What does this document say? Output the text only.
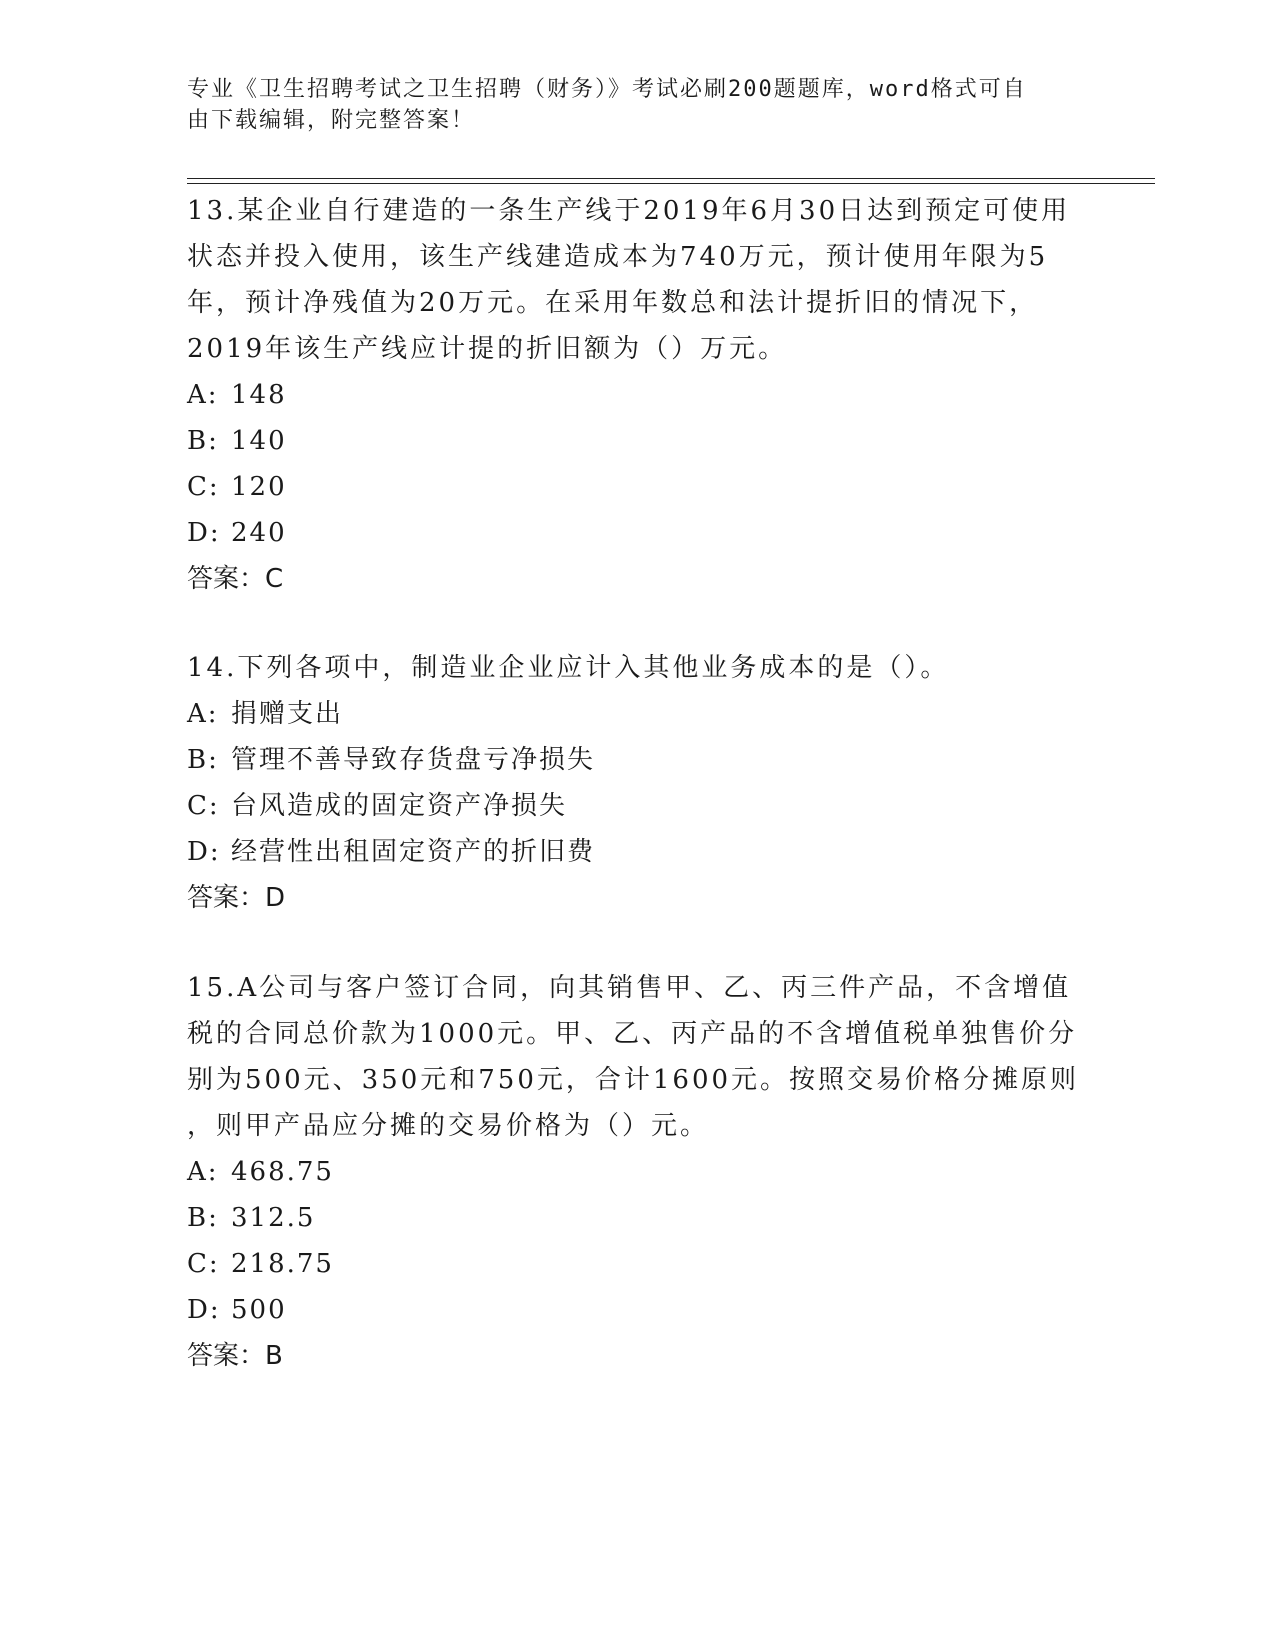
专业《卫生招聘考试之卫生招聘（财务）》考试必刷200题题库，word格式可自
由下载编辑，附完整答案！

13.某企业自行建造的一条生产线于2019年6月30日达到预定可使用

状态并投入使用，该生产线建造成本为740万元，预计使用年限为5

年，预计净残值为20万元。在采用年数总和法计提折旧的情况下，

2019年该生产线应计提的折旧额为（）万元。

A: 148

B: 140

C: 120

D: 240

答案：C

14.下列各项中，制造业企业应计入其他业务成本的是（）。

A: 捐赠支出

B: 管理不善导致存货盘亏净损失

C: 台风造成的固定资产净损失

D: 经营性出租固定资产的折旧费

答案：D

15.A公司与客户签订合同，向其销售甲、乙、丙三件产品，不含增值

税的合同总价款为1000元。甲、乙、丙产品的不含增值税单独售价分

别为500元、350元和750元，合计1600元。按照交易价格分摊原则

，则甲产品应分摊的交易价格为（）元。

A: 468.75

B: 312.5

C: 218.75

D: 500

答案：B
